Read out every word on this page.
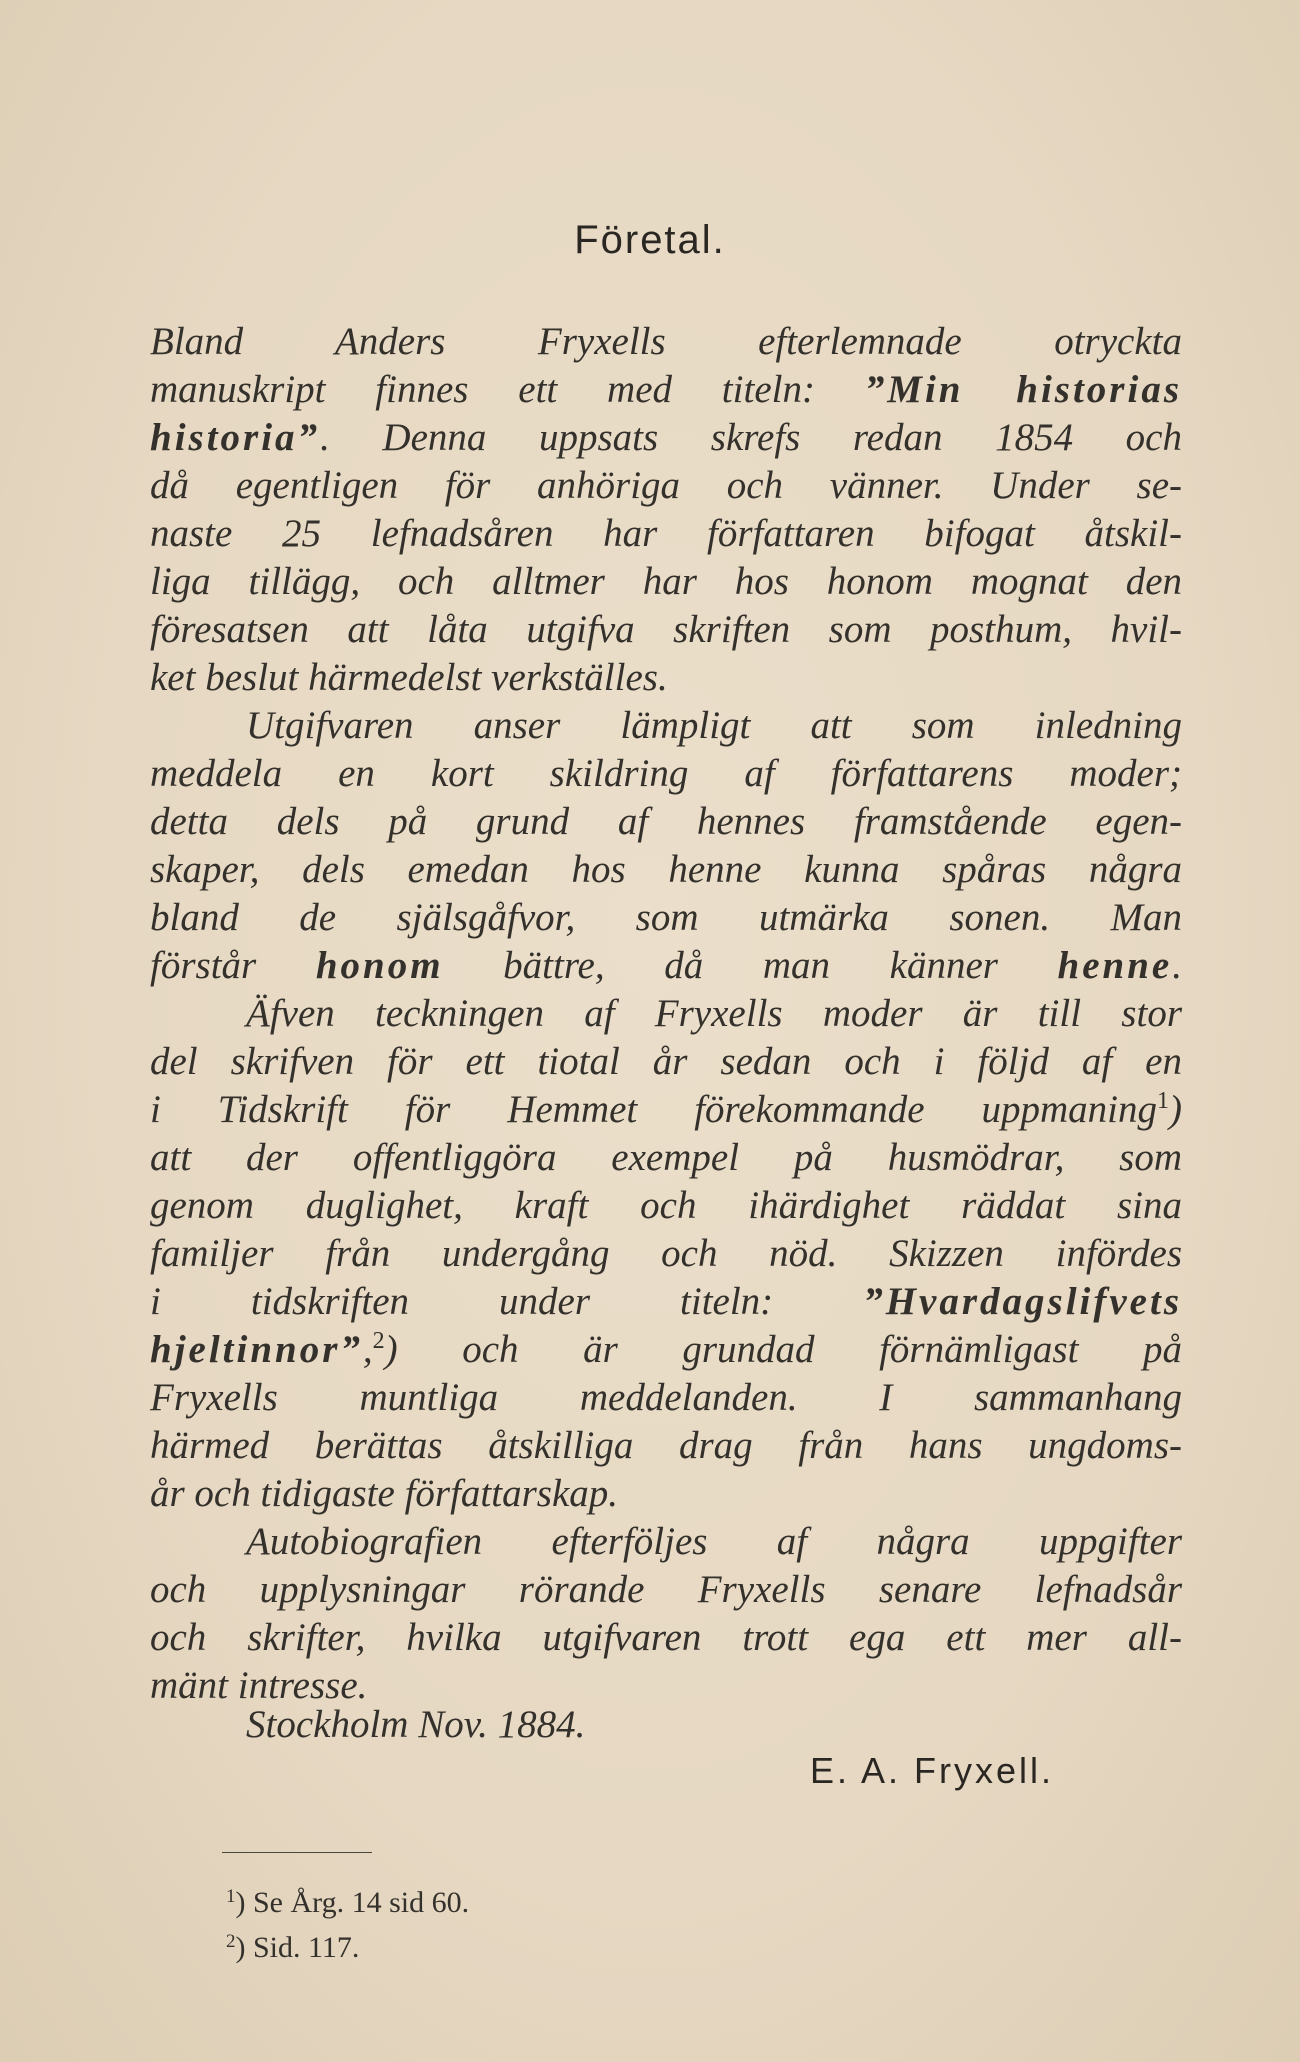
Företal.
Bland Anders Fryxells efterlemnade otryckta
manuskript finnes ett med titeln: ”Min historias
historia”. Denna uppsats skrefs redan 1854 och
då egentligen för anhöriga och vänner. Under se-
naste 25 lefnadsåren har författaren bifogat åtskil-
liga tillägg, och alltmer har hos honom mognat den
föresatsen att låta utgifva skriften som posthum, hvil-
ket beslut härmedelst verkställes.
Utgifvaren anser lämpligt att som inledning
meddela en kort skildring af författarens moder;
detta dels på grund af hennes framstående egen-
skaper, dels emedan hos henne kunna spåras några
bland de själsgåfvor, som utmärka sonen. Man
förstår honom bättre, då man känner henne.
Äfven teckningen af Fryxells moder är till stor
del skrifven för ett tiotal år sedan och i följd af en
i Tidskrift för Hemmet förekommande uppmaning$^1$)
att der offentliggöra exempel på husmödrar, som
genom duglighet, kraft och ihärdighet räddat sina
familjer från undergång och nöd. Skizzen infördes
i tidskriften under titeln: ”Hvardagslifvets
hjeltinnor”,$^2$) och är grundad förnämligast på
Fryxells muntliga meddelanden. I sammanhang
härmed berättas åtskilliga drag från hans ungdoms-
år och tidigaste författarskap.
Autobiografien efterföljes af några uppgifter
och upplysningar rörande Fryxells senare lefnadsår
och skrifter, hvilka utgifvaren trott ega ett mer all-
mänt intresse.
Stockholm Nov. 1884.
E. A. Fryxell.
$^1$) Se Årg. 14 sid 60.
$^2$) Sid. 117.
